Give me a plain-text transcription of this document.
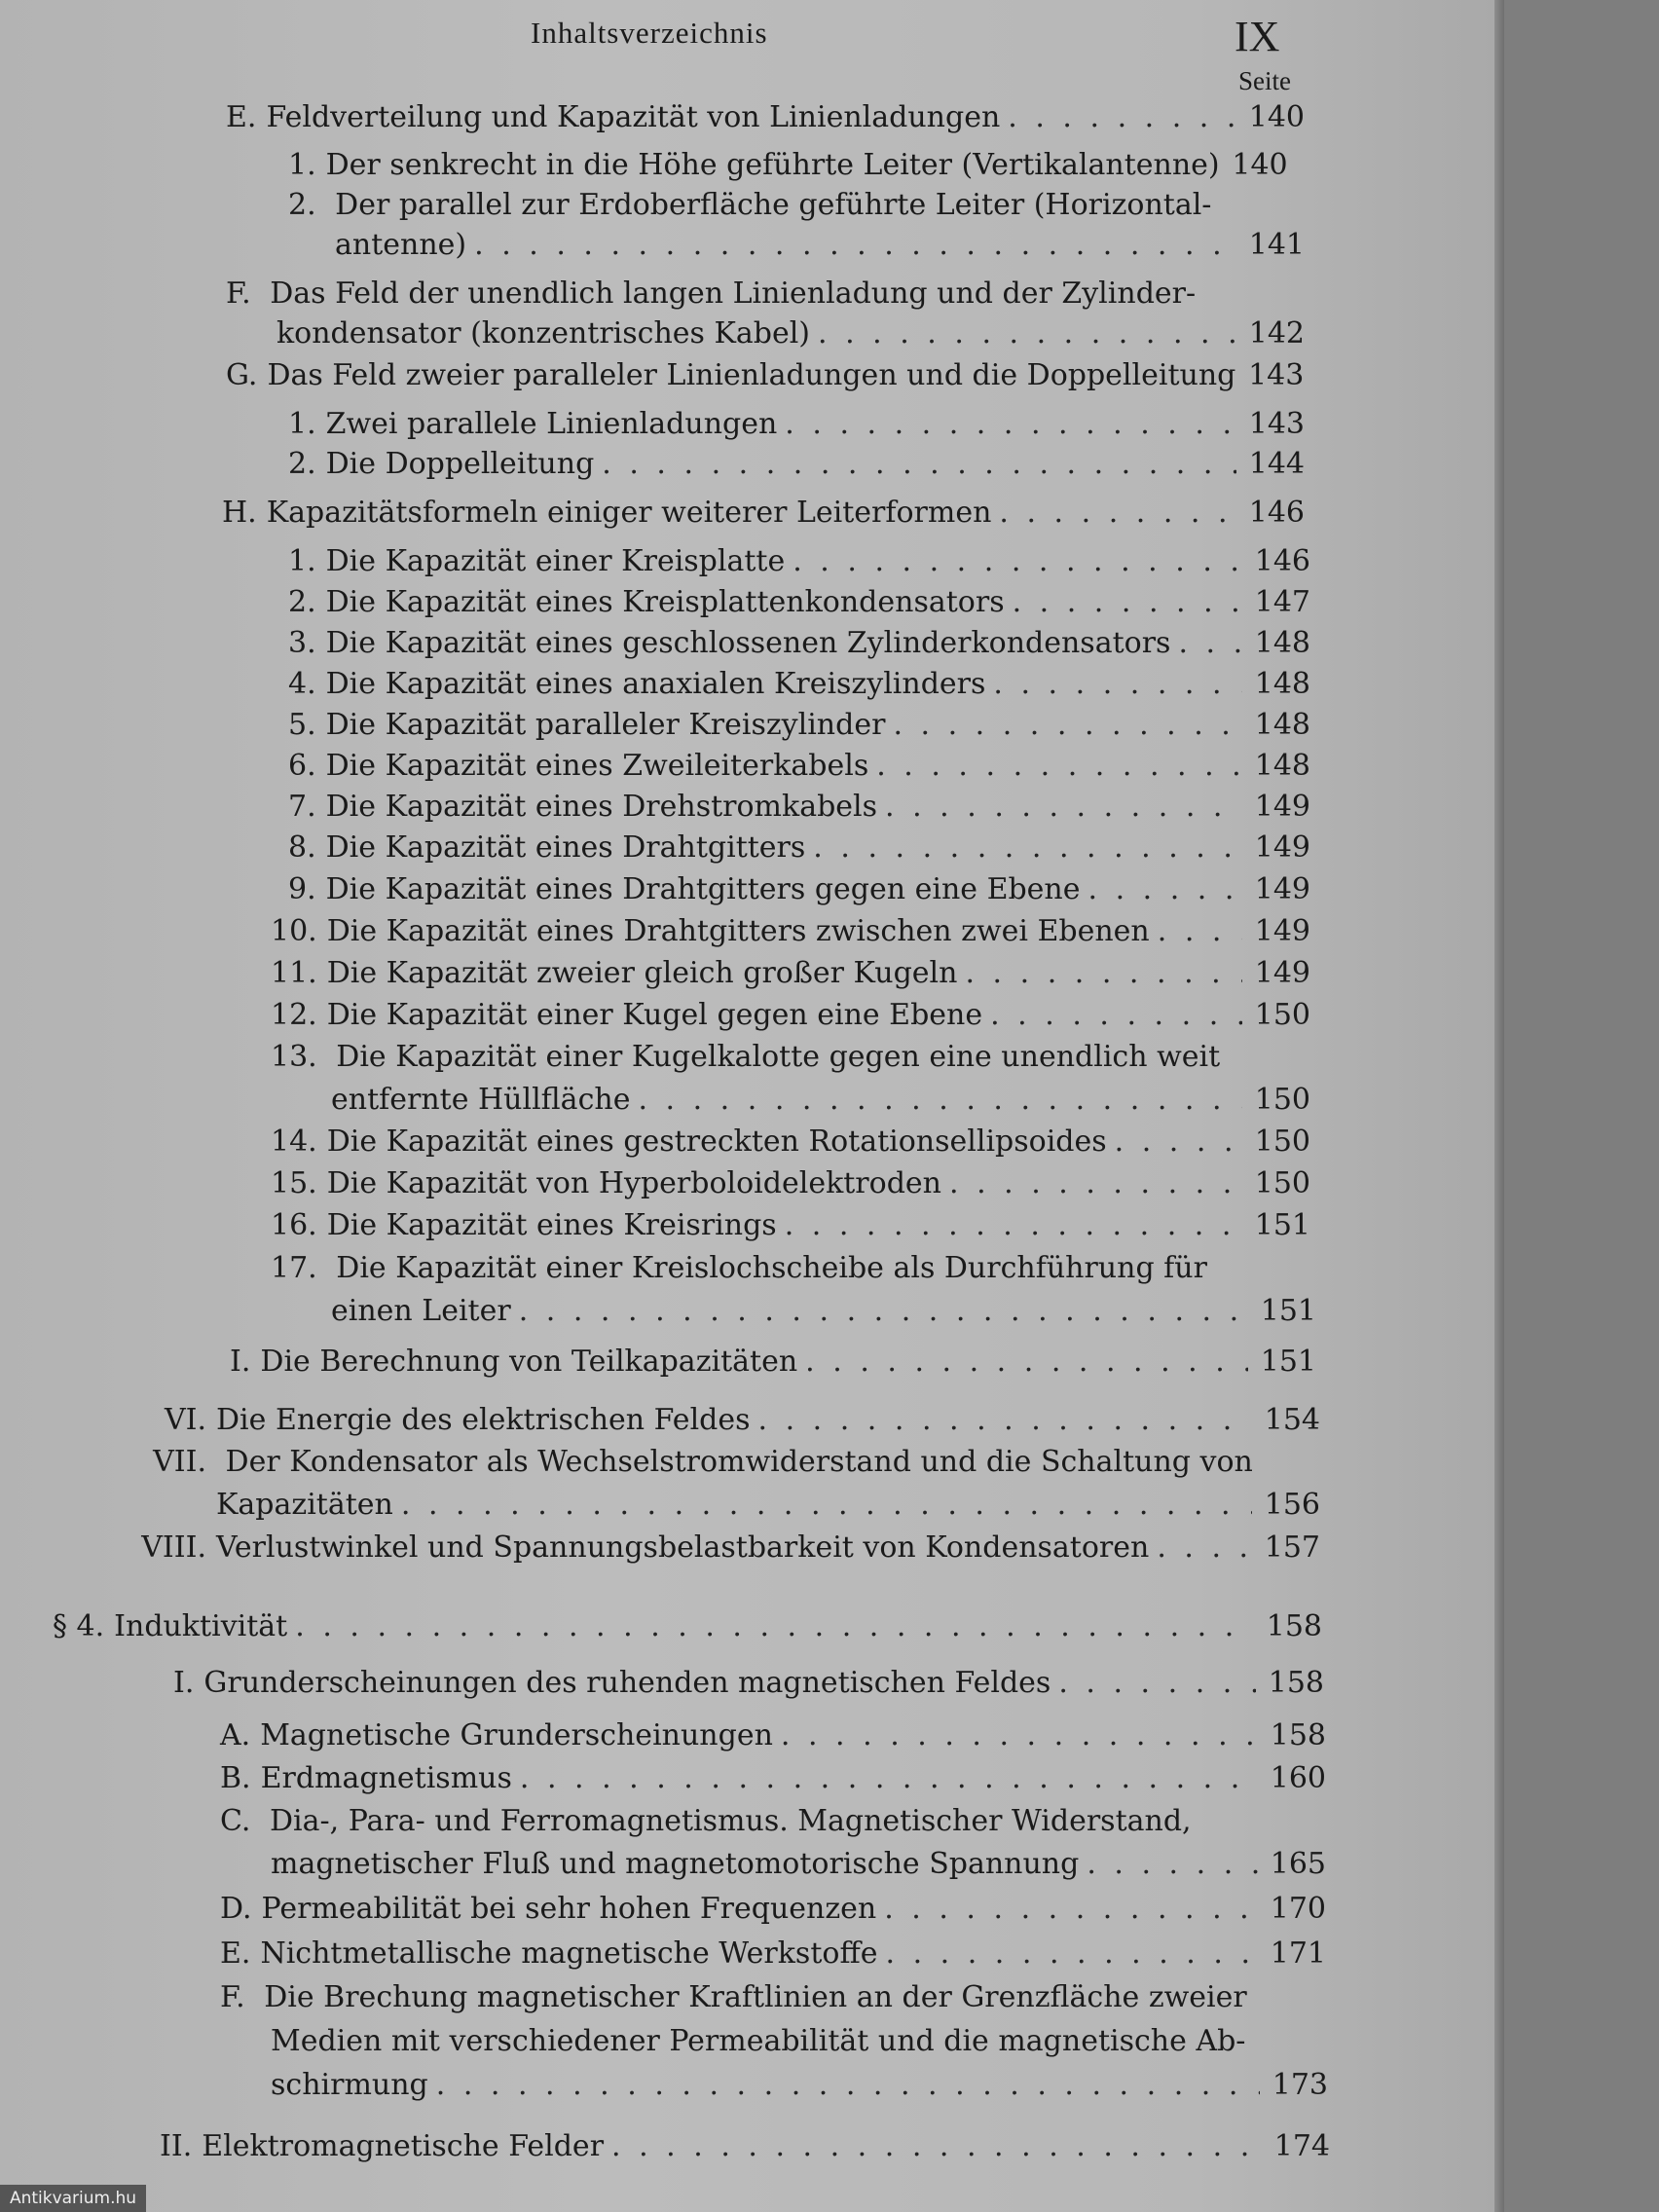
Inhaltsverzeichnis	IX
Seite
E. Feldverteilung und Kapazität von Linienladungen . . .	140
1. Der senkrecht in die Höhe geführte Leiter (Vertikalantenne) 140
2. Der parallel zur Erdoberfläche geführte Leiter (Horizontal-
antenne) . . .	141
F. Das Feld der unendlich langen Linienladung und der Zylinder-
kondensator (konzentrisches Kabel) . . .	142
G. Das Feld zweier paralleler Linienladungen und die Doppelleitung 143
1. Zwei parallele Linienladungen . . .	143
2. Die Doppelleitung . . .	144
H. Kapazitätsformeln einiger weiterer Leiterformen . . .	146
1. Die Kapazität einer Kreisplatte . . .	146
2. Die Kapazität eines Kreisplattenkondensators . . .	147
3. Die Kapazität eines geschlossenen Zylinderkondensators . . .	148
4. Die Kapazität eines anaxialen Kreiszylinders . . .	148
5. Die Kapazität paralleler Kreiszylinder . . .	148
6. Die Kapazität eines Zweileiterkabels . . .	148
7. Die Kapazität eines Drehstromkabels . . .	149
8. Die Kapazität eines Drahtgitters . . .	149
9. Die Kapazität eines Drahtgitters gegen eine Ebene . . .	149
10. Die Kapazität eines Drahtgitters zwischen zwei Ebenen . . .	149
11. Die Kapazität zweier gleich großer Kugeln . . .	149
12. Die Kapazität einer Kugel gegen eine Ebene . . .	150
13. Die Kapazität einer Kugelkalotte gegen eine unendlich weit
entfernte Hüllfläche . . .	150
14. Die Kapazität eines gestreckten Rotationsellipsoides . . .	150
15. Die Kapazität von Hyperboloidelektroden . . .	150
16. Die Kapazität eines Kreisrings . . .	151
17. Die Kapazität einer Kreislochscheibe als Durchführung für
einen Leiter . . .	151
I. Die Berechnung von Teilkapazitäten . . .	151
VI. Die Energie des elektrischen Feldes . . .	154
VII. Der Kondensator als Wechselstromwiderstand und die Schaltung von
Kapazitäten . . .	156
VIII. Verlustwinkel und Spannungsbelastbarkeit von Kondensatoren . . .	157
§ 4. Induktivität . . .	158
I. Grunderscheinungen des ruhenden magnetischen Feldes . . .	158
A. Magnetische Grunderscheinungen . . .	158
B. Erdmagnetismus . . .	160
C. Dia-, Para- und Ferromagnetismus. Magnetischer Widerstand,
magnetischer Fluß und magnetomotorische Spannung . . .	165
D. Permeabilität bei sehr hohen Frequenzen . . .	170
E. Nichtmetallische magnetische Werkstoffe . . .	171
F. Die Brechung magnetischer Kraftlinien an der Grenzfläche zweier
Medien mit verschiedener Permeabilität und die magnetische Ab-
schirmung . . .	173
II. Elektromagnetische Felder . . .	174
Antikvarium.hu
